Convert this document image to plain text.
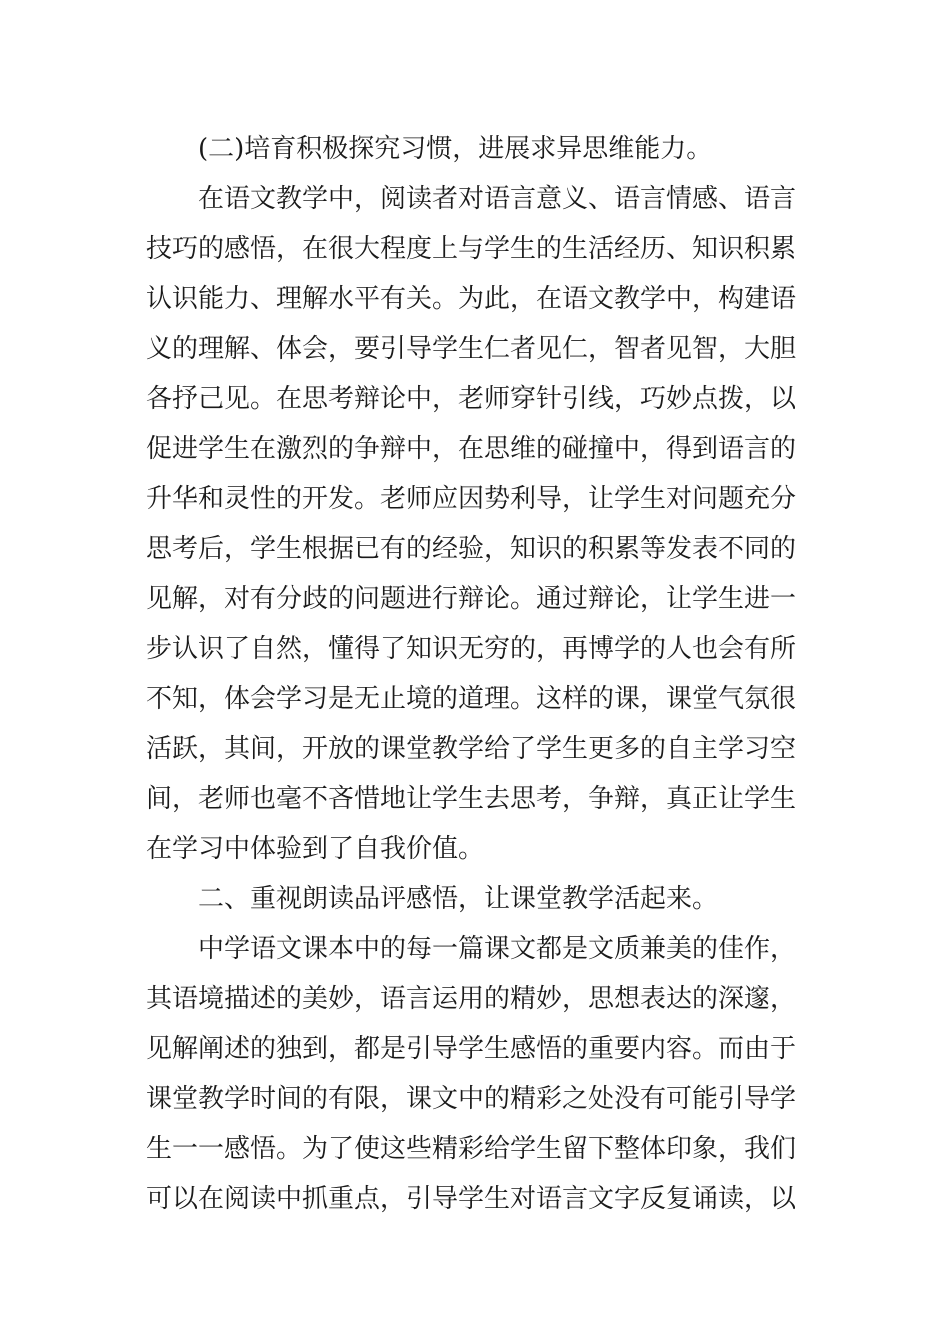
(二)培育积极探究习惯，进展求异思维能力。
在语文教学中，阅读者对语言意义、语言情感、语言
技巧的感悟，在很大程度上与学生的生活经历、知识积累
认识能力、理解水平有关。为此，在语文教学中，构建语
义的理解、体会，要引导学生仁者见仁，智者见智，大胆
各抒己见。在思考辩论中，老师穿针引线，巧妙点拨，以
促进学生在激烈的争辩中，在思维的碰撞中，得到语言的
升华和灵性的开发。老师应因势利导，让学生对问题充分
思考后，学生根据已有的经验，知识的积累等发表不同的
见解，对有分歧的问题进行辩论。通过辩论，让学生进一
步认识了自然，懂得了知识无穷的，再博学的人也会有所
不知，体会学习是无止境的道理。这样的课，课堂气氛很
活跃，其间，开放的课堂教学给了学生更多的自主学习空
间，老师也毫不吝惜地让学生去思考，争辩，真正让学生
在学习中体验到了自我价值。
二、重视朗读品评感悟，让课堂教学活起来。
中学语文课本中的每一篇课文都是文质兼美的佳作，
其语境描述的美妙，语言运用的精妙，思想表达的深邃，
见解阐述的独到，都是引导学生感悟的重要内容。而由于
课堂教学时间的有限，课文中的精彩之处没有可能引导学
生一一感悟。为了使这些精彩给学生留下整体印象，我们
可以在阅读中抓重点，引导学生对语言文字反复诵读，以
